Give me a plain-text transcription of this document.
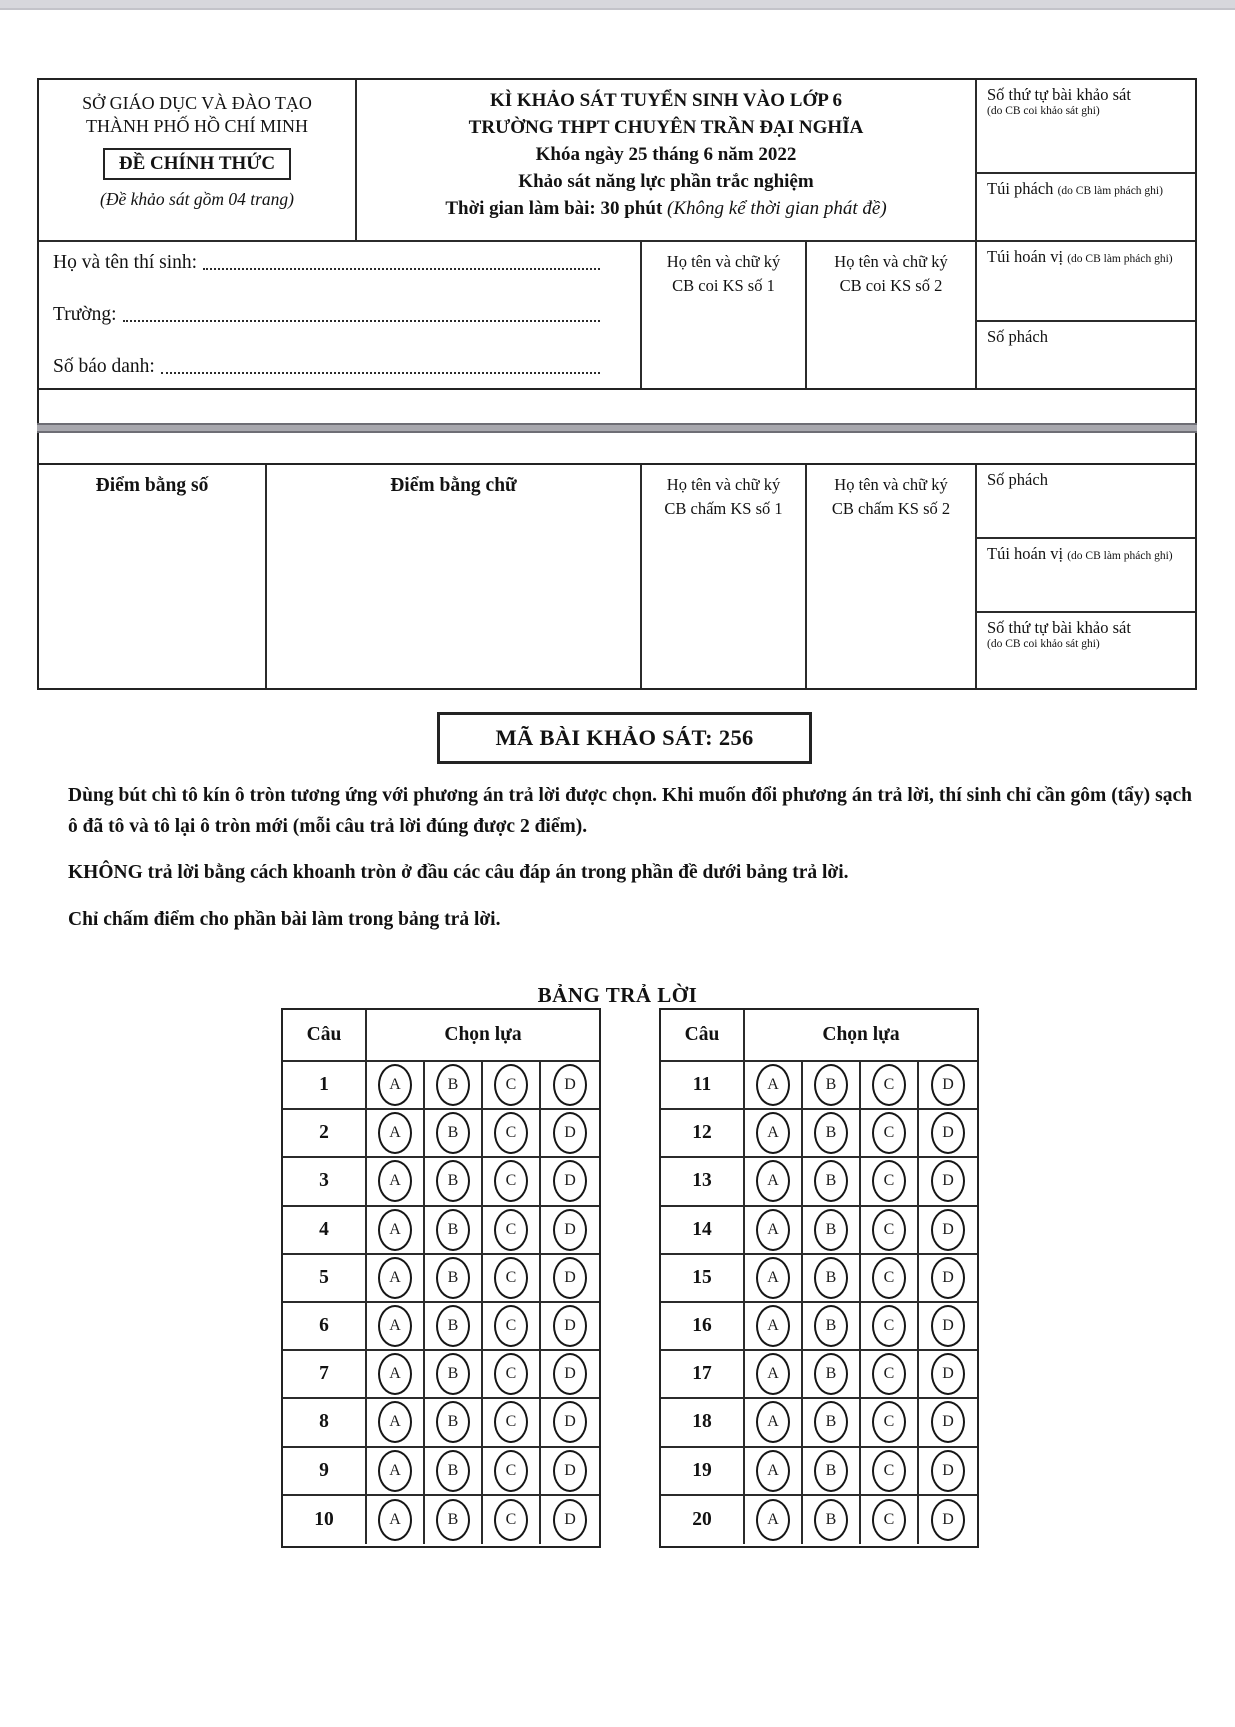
SỞ GIÁO DỤC VÀ ĐÀO TẠO
THÀNH PHỐ HỒ CHÍ MINH
ĐỀ CHÍNH THỨC
(Đề khảo sát gồm 04 trang)
KÌ KHẢO SÁT TUYỂN SINH VÀO LỚP 6
TRƯỜNG THPT CHUYÊN TRẦN ĐẠI NGHĨA
Khóa ngày 25 tháng 6 năm 2022
Khảo sát năng lực phần trắc nghiệm
Thời gian làm bài: 30 phút (Không kể thời gian phát đề)
Số thứ tự bài khảo sát
(do CB coi khảo sát ghi)
Túi phách (do CB làm phách ghi)
Túi hoán vị (do CB làm phách ghi)
Số phách
Họ và tên thí sinh:
Trường:
Số báo danh:
Họ tên và chữ ký
CB coi KS số 1
Họ tên và chữ ký
CB coi KS số 2
Điểm bằng số	Điểm bằng chữ	Họ tên và chữ ký
CB chấm KS số 1
Họ tên và chữ ký
CB chấm KS số 2
Số phách
Túi hoán vị (do CB làm phách ghi)
Số thứ tự bài khảo sát
(do CB coi khảo sát ghi)
MÃ BÀI KHẢO SÁT: 256

Dùng bút chì tô kín ô tròn tương ứng với phương án trả lời được chọn. Khi muốn đổi phương án trả lời, thí sinh chỉ cần gôm (tẩy) sạch ô đã tô và tô lại ô tròn mới (mỗi câu trả lời đúng được 2 điểm).

KHÔNG trả lời bằng cách khoanh tròn ở đầu các câu đáp án trong phần đề dưới bảng trả lời.

Chỉ chấm điểm cho phần bài làm trong bảng trả lời.

BẢNG TRẢ LỜI
Câu	Chọn lựa
1	A	B	C	D
2	A	B	C	D
3	A	B	C	D
4	A	B	C	D
5	A	B	C	D
6	A	B	C	D
7	A	B	C	D
8	A	B	C	D
9	A	B	C	D
10	A	B	C	D
Câu	Chọn lựa
11	A	B	C	D
12	A	B	C	D
13	A	B	C	D
14	A	B	C	D
15	A	B	C	D
16	A	B	C	D
17	A	B	C	D
18	A	B	C	D
19	A	B	C	D
20	A	B	C	D
